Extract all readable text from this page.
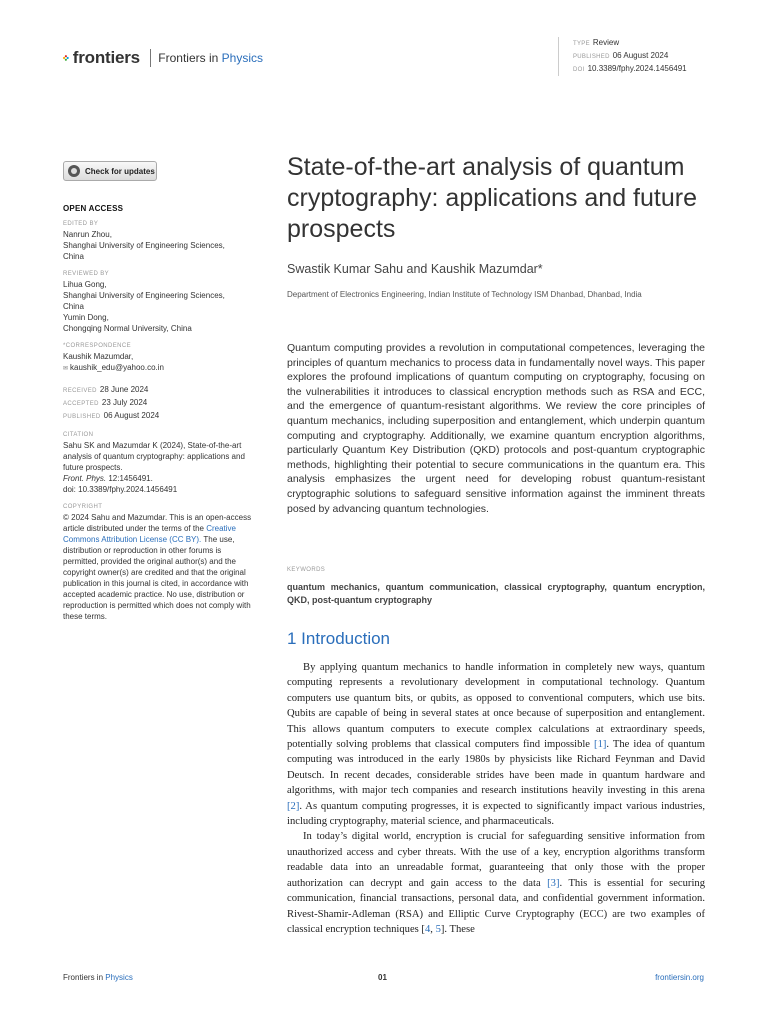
frontiers Frontiers in Physics
TYPE Review
PUBLISHED 06 August 2024
DOI 10.3389/fphy.2024.1456491
Check for updates
OPEN ACCESS
EDITED BY
Nanrun Zhou,
Shanghai University of Engineering Sciences,
China
REVIEWED BY
Lihua Gong,
Shanghai University of Engineering Sciences,
China
Yumin Dong,
Chongqing Normal University, China
*CORRESPONDENCE
Kaushik Mazumdar,
✉ kaushik_edu@yahoo.co.in
RECEIVED 28 June 2024
ACCEPTED 23 July 2024
PUBLISHED 06 August 2024
CITATION
Sahu SK and Mazumdar K (2024), State-of-the-art analysis of quantum cryptography: applications and future prospects.
Front. Phys. 12:1456491.
doi: 10.3389/fphy.2024.1456491
COPYRIGHT
© 2024 Sahu and Mazumdar. This is an open-access article distributed under the terms of the Creative Commons Attribution License (CC BY). The use, distribution or reproduction in other forums is permitted, provided the original author(s) and the copyright owner(s) are credited and that the original publication in this journal is cited, in accordance with accepted academic practice. No use, distribution or reproduction is permitted which does not comply with these terms.
State-of-the-art analysis of quantum cryptography: applications and future prospects
Swastik Kumar Sahu and Kaushik Mazumdar*
Department of Electronics Engineering, Indian Institute of Technology ISM Dhanbad, Dhanbad, India
Quantum computing provides a revolution in computational competences, leveraging the principles of quantum mechanics to process data in fundamentally novel ways. This paper explores the profound implications of quantum computing on cryptography, focusing on the vulnerabilities it introduces to classical encryption methods such as RSA and ECC, and the emergence of quantum-resistant algorithms. We review the core principles of quantum mechanics, including superposition and entanglement, which underpin quantum computing and cryptography. Additionally, we examine quantum encryption algorithms, particularly Quantum Key Distribution (QKD) protocols and post-quantum cryptographic methods, highlighting their potential to secure communications in the quantum era. This analysis emphasizes the urgent need for developing robust quantum-resistant cryptographic solutions to safeguard sensitive information against the imminent threats posed by advancing quantum technologies.
KEYWORDS
quantum mechanics, quantum communication, classical cryptography, quantum encryption, QKD, post-quantum cryptography
1 Introduction

By applying quantum mechanics to handle information in completely new ways, quantum computing represents a revolutionary development in computational technology. Quantum computers use quantum bits, or qubits, as opposed to conventional computers, which use bits. Qubits are capable of being in several states at once because of superposition and entanglement. This allows quantum computers to execute complex calculations at extraordinary speeds, potentially solving problems that classical computers find impossible [1]. The idea of quantum computing was introduced in the early 1980s by physicists like Richard Feynman and David Deutsch. In recent decades, considerable strides have been made in quantum hardware and algorithms, with major tech companies and research institutions heavily investing in this arena [2]. As quantum computing progresses, it is expected to significantly impact various industries, including cryptography, material science, and pharmaceuticals.

In today’s digital world, encryption is crucial for safeguarding sensitive information from unauthorized access and cyber threats. With the use of a key, encryption algorithms transform readable data into an unreadable format, guaranteeing that only those with the proper authorization can decrypt and gain access to the data [3]. This is essential for securing communication, financial transactions, personal data, and confidential government information. Rivest-Shamir-Adleman (RSA) and Elliptic Curve Cryptography (ECC) are two examples of classical encryption techniques [4, 5]. These

Frontiers in Physics	01	frontiersin.org
